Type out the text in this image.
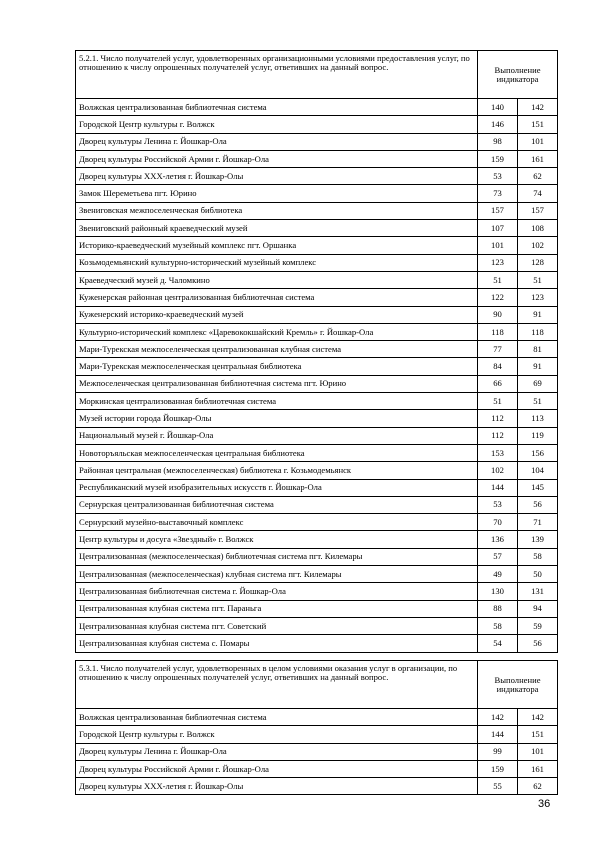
5.2.1. Число получателей услуг, удовлетворенных организационными условиями предоставления услуг, по отношению к числу опрошенных получателей услуг, ответивших на данный вопрос.	Выполнение индикатора	
Волжская централизованная библиотечная система	140	142
Городской Центр культуры г. Волжск	146	151
Дворец культуры Ленина г. Йошкар-Ола	98	101
Дворец культуры Российской Армии г. Йошкар-Ола	159	161
Дворец культуры XXX-летия г. Йошкар-Олы	53	62
Замок Шереметьева пгт. Юрино	73	74
Звениговская межпоселенческая библиотека	157	157
Звениговский районный краеведческий музей	107	108
Историко-краеведческий музейный комплекс пгт. Оршанка	101	102
Козьмодемьянский культурно-исторический музейный комплекс	123	128
Краеведческий музей д. Чаломкино	51	51
Куженерская районная централизованная библиотечная система	122	123
Куженерский историко-краеведческий музей	90	91
Культурно-исторический комплекс «Царевококшайский Кремль» г. Йошкар-Ола	118	118
Мари-Турекская межпоселенческая централизованная клубная система	77	81
Мари-Турекская межпоселенческая центральная библиотека	84	91
Межпоселенческая централизованная библиотечная система пгт. Юрино	66	69
Моркинская централизованная библиотечная система	51	51
Музей истории города Йошкар-Олы	112	113
Национальный музей г. Йошкар-Ола	112	119
Новоторъяльская межпоселенческая центральная библиотека	153	156
Районная центральная (межпоселенческая) библиотека г. Козьмодемьянск	102	104
Республиканский музей изобразительных искусств г. Йошкар-Ола	144	145
Сернурская централизованная библиотечная система	53	56
Сернурский музейно-выставочный комплекс	70	71
Центр культуры и досуга «Звездный» г. Волжск	136	139
Централизованная (межпоселенческая) библиотечная система пгт. Килемары	57	58
Централизованная (межпоселенческая) клубная система пгт. Килемары	49	50
Централизованная библиотечная система г. Йошкар-Ола	130	131
Централизованная клубная система пгт. Параньга	88	94
Централизованная клубная система пгт. Советский	58	59
Централизованная клубная система с. Помары	54	56
5.3.1. Число получателей услуг, удовлетворенных в целом условиями оказания услуг в организации, по отношению к числу опрошенных получателей услуг, ответивших на данный вопрос.	Выполнение индикатора	
Волжская централизованная библиотечная система	142	142
Городской Центр культуры г. Волжск	144	151
Дворец культуры Ленина г. Йошкар-Ола	99	101
Дворец культуры Российской Армии г. Йошкар-Ола	159	161
Дворец культуры XXX-летия г. Йошкар-Олы	55	62
36
